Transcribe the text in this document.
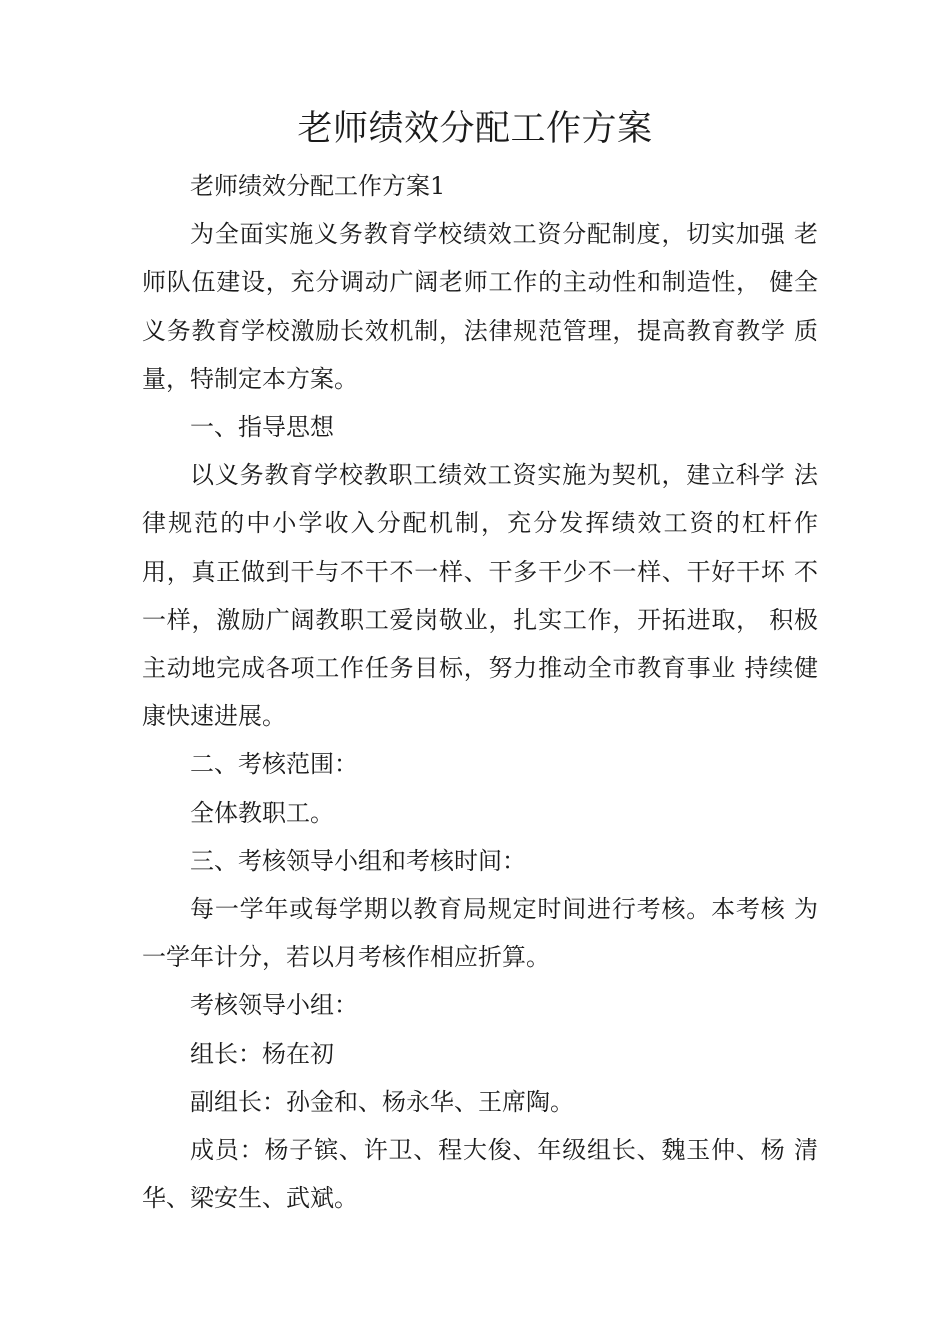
老师绩效分配工作方案
老师绩效分配工作方案1
为全面实施义务教育学校绩效工资分配制度，切实加强 老
师队伍建设，充分调动广阔老师工作的主动性和制造性， 健全
义务教育学校激励长效机制，法律规范管理，提高教育教学 质
量，特制定本方案。
一、指导思想
以义务教育学校教职工绩效工资实施为契机，建立科学 法
律规范的中小学收入分配机制，充分发挥绩效工资的杠杆作
用，真正做到干与不干不一样、干多干少不一样、干好干坏 不
一样，激励广阔教职工爱岗敬业，扎实工作，开拓进取， 积极
主动地完成各项工作任务目标，努力推动全市教育事业 持续健
康快速进展。
二、考核范围：
全体教职工。
三、考核领导小组和考核时间：
每一学年或每学期以教育局规定时间进行考核。本考核 为
一学年计分，若以月考核作相应折算。
考核领导小组：
组长：杨在初
副组长：孙金和、杨永华、王席陶。
成员：杨子镔、许卫、程大俊、年级组长、魏玉仲、杨 清
华、梁安生、武斌。
